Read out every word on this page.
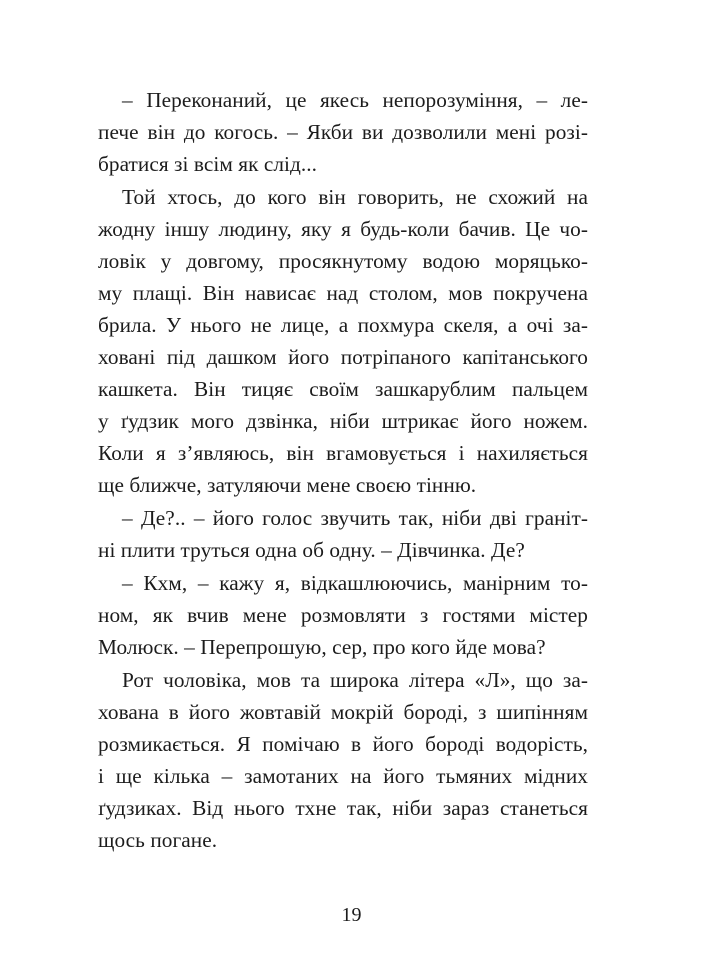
– Переконаний, це якесь непорозуміння, – ле-
пече він до когось. – Якби ви дозволили мені розі-
братися зі всім як слід...
Той хтось, до кого він говорить, не схожий на
жодну іншу людину, яку я будь-коли бачив. Це чо-
ловік у довгому, просякнутому водою моряцько-
му плащі. Він нависає над столом, мов покручена
брила. У нього не лице, а похмура скеля, а очі за-
ховані під дашком його потріпаного капітанського
кашкета. Він тицяє своїм зашкарублим пальцем
у ґудзик мого дзвінка, ніби штрикає його ножем.
Коли я з’являюсь, він вгамовується і нахиляється
ще ближче, затуляючи мене своєю тінню.
– Де?.. – його голос звучить так, ніби дві граніт-
ні плити труться одна об одну. – Дівчинка. Де?
– Кхм, – кажу я, відкашлюючись, манірним то-
ном, як вчив мене розмовляти з гостями містер
Молюск. – Перепрошую, сер, про кого йде мова?
Рот чоловіка, мов та широка літера «Л», що за-
хована в його жовтавій мокрій бороді, з шипінням
розмикається. Я помічаю в його бороді водорість,
і ще кілька – замотаних на його тьмяних мідних
ґудзиках. Від нього тхне так, ніби зараз станеться
щось погане.
19
